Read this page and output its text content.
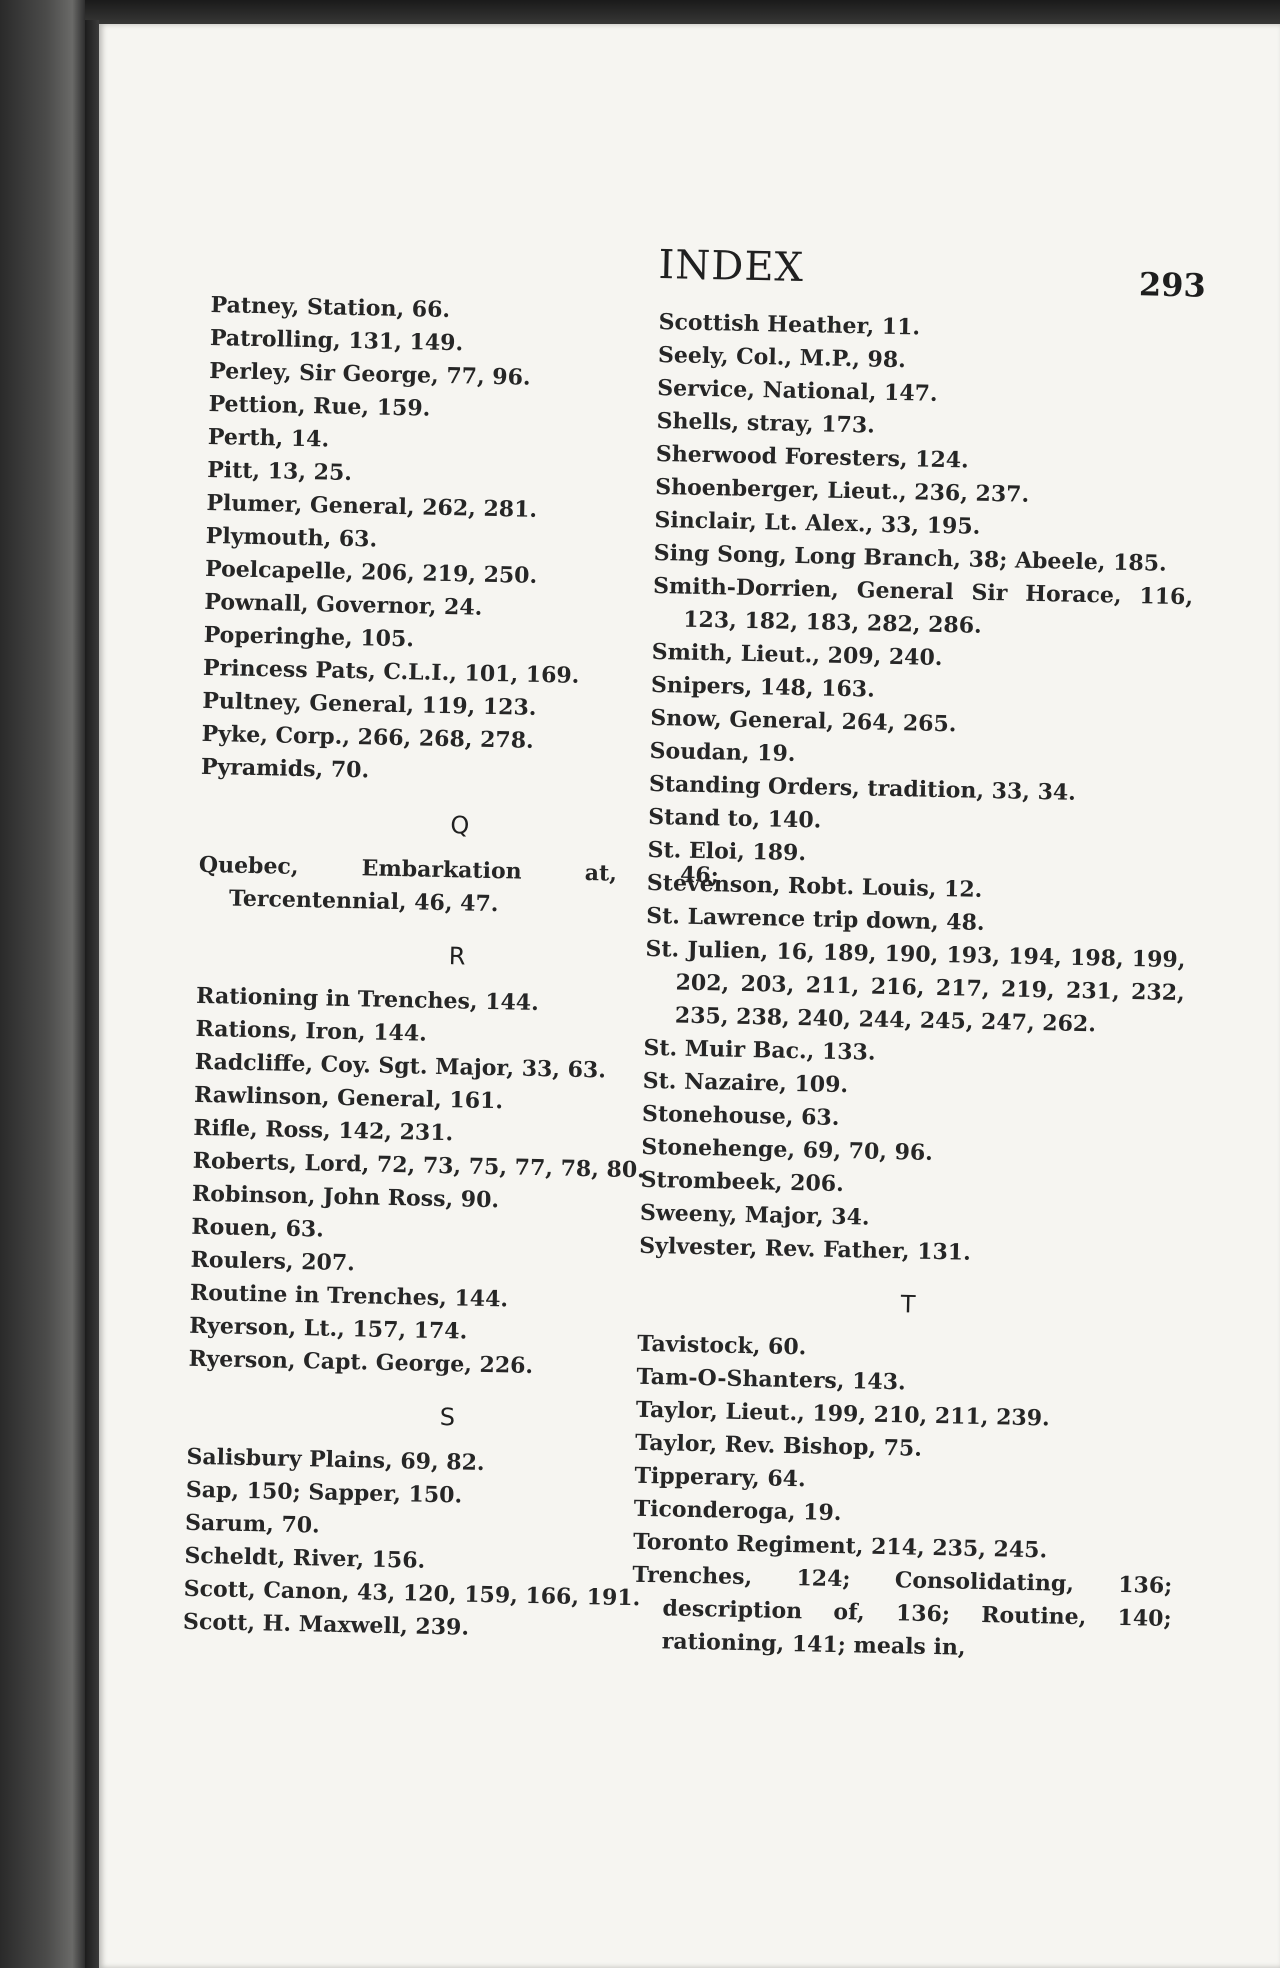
INDEX	293
Patney, Station, 66.
Patrolling, 131, 149.
Perley, Sir George, 77, 96.
Pettion, Rue, 159.
Perth, 14.
Pitt, 13, 25.
Plumer, General, 262, 281.
Plymouth, 63.
Poelcapelle, 206, 219, 250.
Pownall, Governor, 24.
Poperinghe, 105.
Princess Pats, C.L.I., 101, 169.
Pultney, General, 119, 123.
Pyke, Corp., 266, 268, 278.
Pyramids, 70.
Q
Quebec, Embarkation at, 46; Tercentennial, 46, 47.
R
Rationing in Trenches, 144.
Rations, Iron, 144.
Radcliffe, Coy. Sgt. Major, 33, 63.
Rawlinson, General, 161.
Rifle, Ross, 142, 231.
Roberts, Lord, 72, 73, 75, 77, 78, 80.
Robinson, John Ross, 90.
Rouen, 63.
Roulers, 207.
Routine in Trenches, 144.
Ryerson, Lt., 157, 174.
Ryerson, Capt. George, 226.
S
Salisbury Plains, 69, 82.
Sap, 150; Sapper, 150.
Sarum, 70.
Scheldt, River, 156.
Scott, Canon, 43, 120, 159, 166, 191.
Scott, H. Maxwell, 239.
Scottish Heather, 11.
Seely, Col., M.P., 98.
Service, National, 147.
Shells, stray, 173.
Sherwood Foresters, 124.
Shoenberger, Lieut., 236, 237.
Sinclair, Lt. Alex., 33, 195.
Sing Song, Long Branch, 38; Abeele, 185.
Smith-Dorrien, General Sir Horace, 116, 123, 182, 183, 282, 286.
Smith, Lieut., 209, 240.
Snipers, 148, 163.
Snow, General, 264, 265.
Soudan, 19.
Standing Orders, tradition, 33, 34.
Stand to, 140.
St. Eloi, 189.
Stevenson, Robt. Louis, 12.
St. Lawrence trip down, 48.
St. Julien, 16, 189, 190, 193, 194, 198, 199, 202, 203, 211, 216, 217, 219, 231, 232, 235, 238, 240, 244, 245, 247, 262.
St. Muir Bac., 133.
St. Nazaire, 109.
Stonehouse, 63.
Stonehenge, 69, 70, 96.
Strombeek, 206.
Sweeny, Major, 34.
Sylvester, Rev. Father, 131.
T
Tavistock, 60.
Tam-O-Shanters, 143.
Taylor, Lieut., 199, 210, 211, 239.
Taylor, Rev. Bishop, 75.
Tipperary, 64.
Ticonderoga, 19.
Toronto Regiment, 214, 235, 245.
Trenches, 124; Consolidating, 136; description of, 136; Routine, 140; rationing, 141; meals in,
